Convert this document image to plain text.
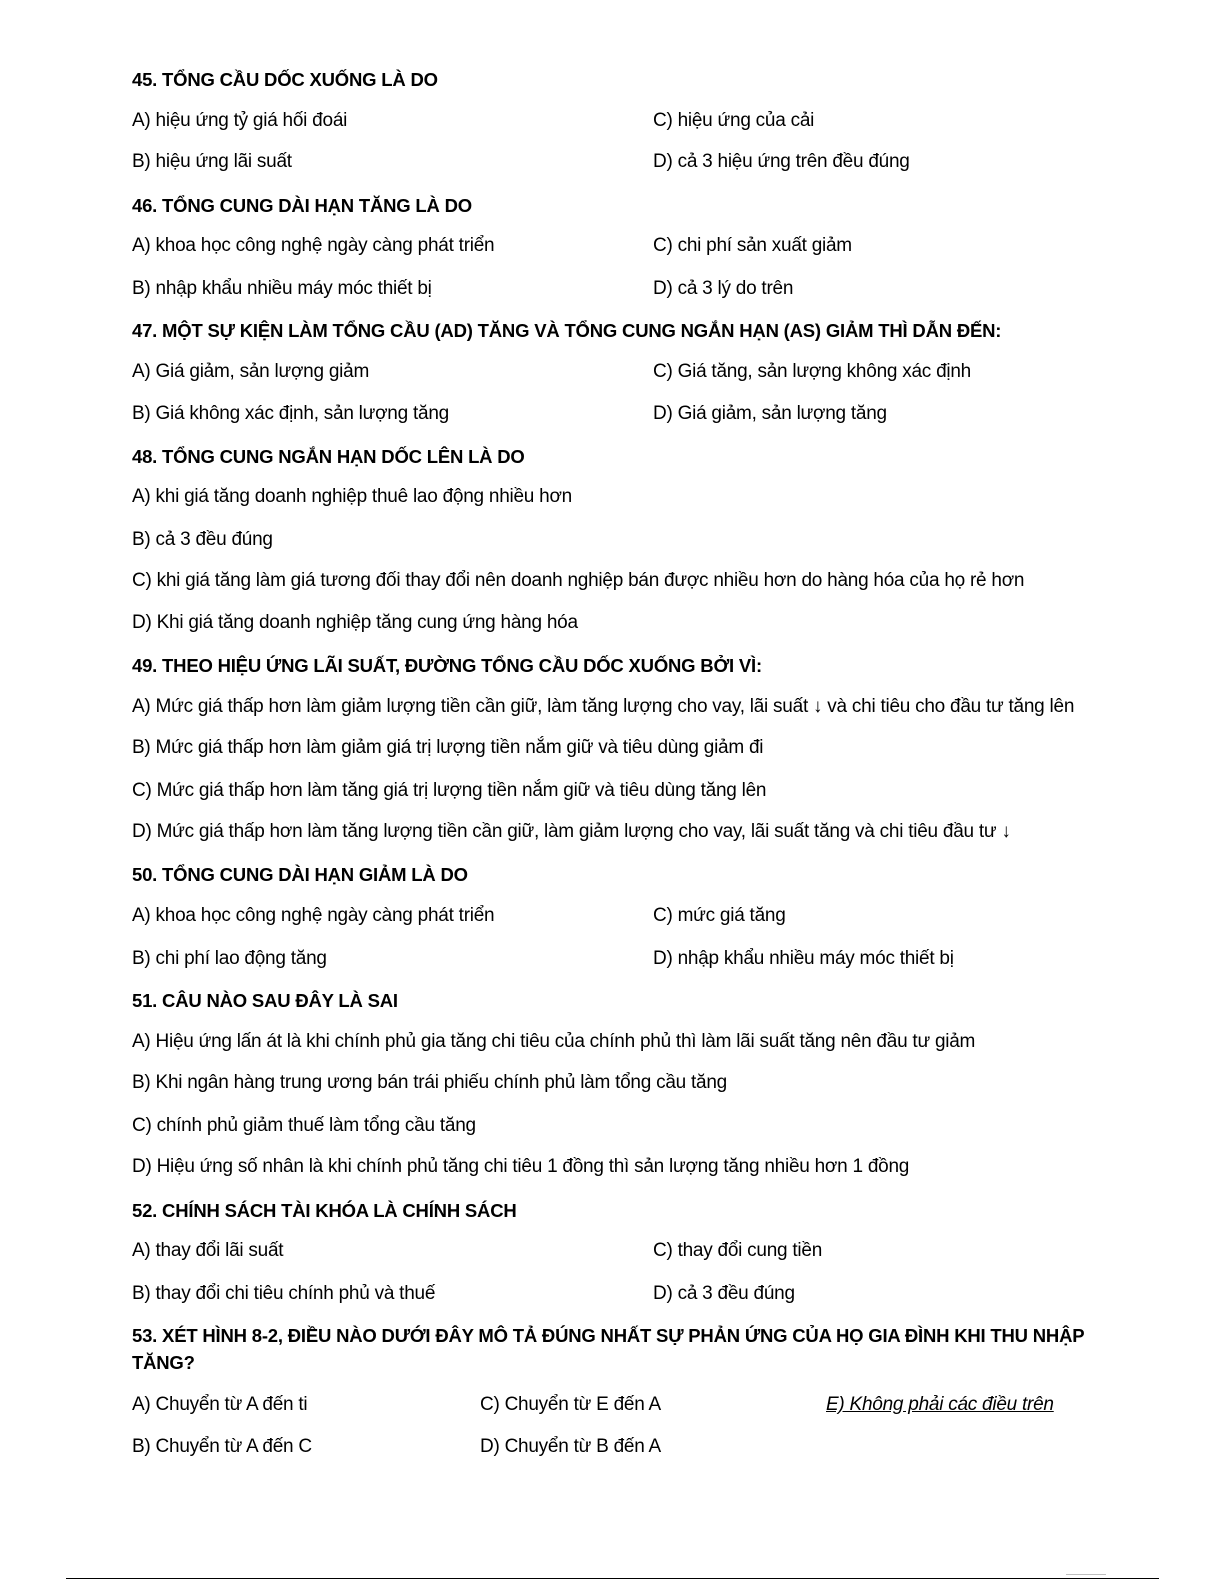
45. TỔNG CẦU DỐC XUỐNG LÀ DO
A) hiệu ứng tỷ giá hối đoái	C) hiệu ứng của cải
B) hiệu ứng lãi suất	D) cả 3 hiệu ứng trên đều đúng
46. TỔNG CUNG DÀI HẠN TĂNG LÀ DO
A) khoa học công nghệ ngày càng phát triển	C) chi phí sản xuất giảm
B) nhập khẩu nhiều máy móc thiết bị	D) cả 3 lý do trên
47. MỘT SỰ KIỆN LÀM TỔNG CẦU (AD) TĂNG VÀ TỔNG CUNG NGẮN HẠN (AS) GIẢM THÌ DẪN ĐẾN:
A) Giá giảm, sản lượng giảm	C) Giá tăng, sản lượng không xác định
B) Giá không xác định, sản lượng tăng	D) Giá giảm, sản lượng tăng
48. TỔNG CUNG NGẮN HẠN DỐC LÊN LÀ DO
A) khi giá tăng doanh nghiệp thuê lao động nhiều hơn
B) cả 3 đều đúng
C) khi giá tăng làm giá tương đối thay đổi nên doanh nghiệp bán được nhiều hơn do hàng hóa của họ rẻ hơn
D) Khi giá tăng doanh nghiệp tăng cung ứng hàng hóa
49. THEO HIỆU ỨNG LÃI SUẤT, ĐƯỜNG TỔNG CẦU DỐC XUỐNG BỞI VÌ:
A) Mức giá thấp hơn làm giảm lượng tiền cần giữ, làm tăng lượng cho vay, lãi suất ↓ và chi tiêu cho đầu tư tăng lên
B) Mức giá thấp hơn làm giảm giá trị lượng tiền nắm giữ và tiêu dùng giảm đi
C) Mức giá thấp hơn làm tăng giá trị lượng tiền nắm giữ và tiêu dùng tăng lên
D) Mức giá thấp hơn làm tăng lượng tiền cần giữ, làm giảm lượng cho vay, lãi suất tăng và chi tiêu đầu tư ↓
50. TỔNG CUNG DÀI HẠN GIẢM LÀ DO
A) khoa học công nghệ ngày càng phát triển	C) mức giá tăng
B) chi phí lao động tăng	D) nhập khẩu nhiều máy móc thiết bị
51. CÂU NÀO SAU ĐÂY LÀ SAI
A) Hiệu ứng lấn át là khi chính phủ gia tăng chi tiêu của chính phủ thì làm lãi suất tăng nên đầu tư giảm
B) Khi ngân hàng trung ương bán trái phiếu chính phủ làm tổng cầu tăng
C) chính phủ giảm thuế làm tổng cầu tăng
D) Hiệu ứng số nhân là khi chính phủ tăng chi tiêu 1 đồng thì sản lượng tăng nhiều hơn 1 đồng
52. CHÍNH SÁCH TÀI KHÓA LÀ CHÍNH SÁCH
A) thay đổi lãi suất	C) thay đổi cung tiền
B) thay đổi chi tiêu chính phủ và thuế	D) cả 3 đều đúng
53. XÉT HÌNH 8-2, ĐIỀU NÀO DƯỚI ĐÂY MÔ TẢ ĐÚNG NHẤT SỰ PHẢN ỨNG CỦA HỌ GIA ĐÌNH KHI THU NHẬP
TĂNG?
A) Chuyển từ A đến ti	C) Chuyển từ E đến A	E) Không phải các điều trên
B) Chuyển từ A đến C	D) Chuyển từ B đến A
